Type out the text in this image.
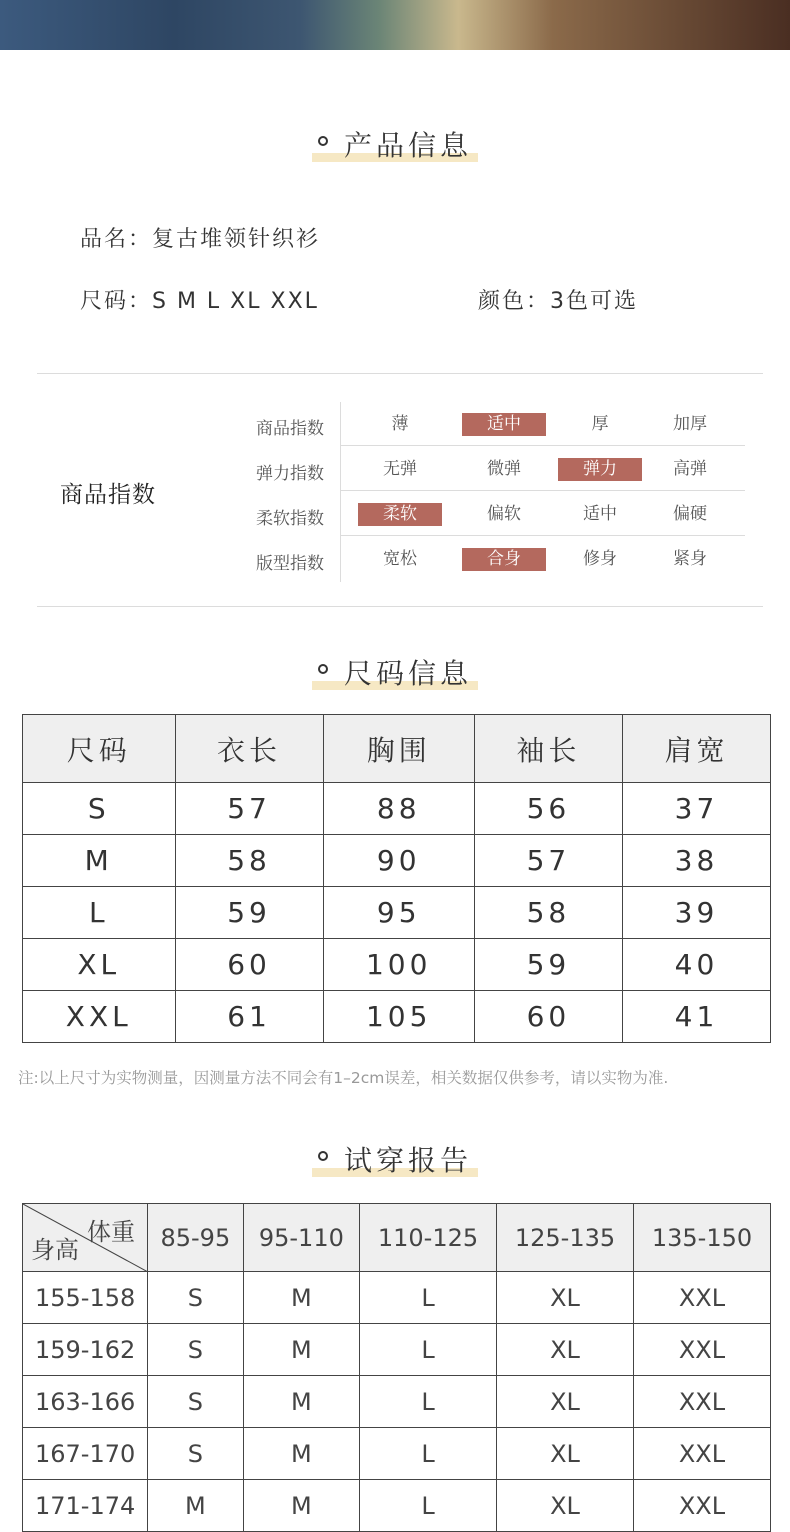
产品信息
品名：复古堆领针织衫
尺码：S M L XL XXL	颜色：3色可选
商品指数
商品指数	薄	适中	厚	加厚
弹力指数	无弹	微弹	弹力	高弹
柔软指数	柔软	偏软	适中	偏硬
版型指数	宽松	合身	修身	紧身
尺码信息
尺码	衣长	胸围	袖长	肩宽
S	57	88	56	37
M	58	90	57	38
L	59	95	58	39
XL	60	100	59	40
XXL	61	105	60	41
注:以上尺寸为实物测量，因测量方法不同会有1–2cm误差，相关数据仅供参考，请以实物为准.
试穿报告
体重
身高	85-95	95-110	110-125	125-135	135-150
155-158	S	M	L	XL	XXL
159-162	S	M	L	XL	XXL
163-166	S	M	L	XL	XXL
167-170	S	M	L	XL	XXL
171-174	M	M	L	XL	XXL
